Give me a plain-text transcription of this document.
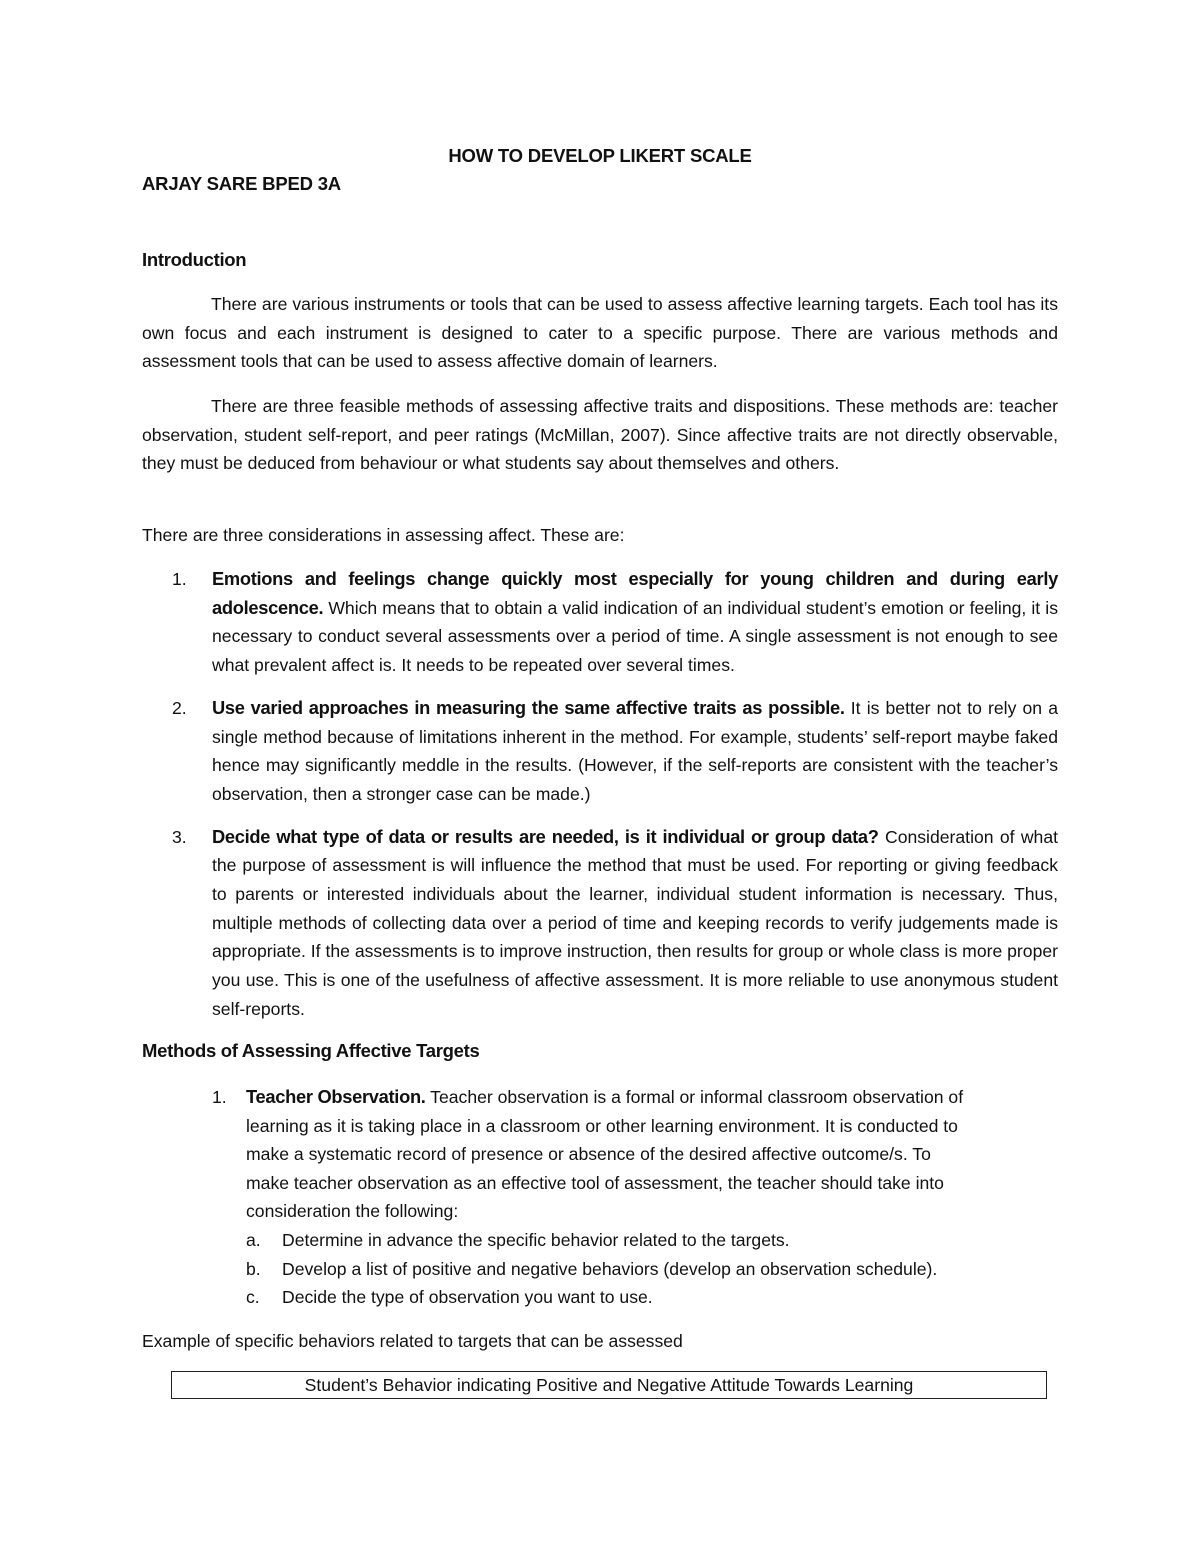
HOW TO DEVELOP LIKERT SCALE
ARJAY SARE BPED 3A
Introduction

There are various instruments or tools that can be used to assess affective learning targets. Each tool has its own focus and each instrument is designed to cater to a specific purpose. There are various methods and assessment tools that can be used to assess affective domain of learners.

There are three feasible methods of assessing affective traits and dispositions. These methods are: teacher observation, student self-report, and peer ratings (McMillan, 2007). Since affective traits are not directly observable, they must be deduced from behaviour or what students say about themselves and others.

There are three considerations in assessing affect. These are:

1. Emotions and feelings change quickly most especially for young children and during early adolescence. Which means that to obtain a valid indication of an individual student’s emotion or feeling, it is necessary to conduct several assessments over a period of time. A single assessment is not enough to see what prevalent affect is. It needs to be repeated over several times.
2. Use varied approaches in measuring the same affective traits as possible. It is better not to rely on a single method because of limitations inherent in the method. For example, students’ self-report maybe faked hence may significantly meddle in the results. (However, if the self-reports are consistent with the teacher’s observation, then a stronger case can be made.)
3. Decide what type of data or results are needed, is it individual or group data? Consideration of what the purpose of assessment is will influence the method that must be used. For reporting or giving feedback to parents or interested individuals about the learner, individual student information is necessary. Thus, multiple methods of collecting data over a period of time and keeping records to verify judgements made is appropriate. If the assessments is to improve instruction, then results for group or whole class is more proper you use. This is one of the usefulness of affective assessment. It is more reliable to use anonymous student self-reports.
Methods of Assessing Affective Targets
1. Teacher Observation. Teacher observation is a formal or informal classroom observation of
learning as it is taking place in a classroom or other learning environment. It is conducted to
make a systematic record of presence or absence of the desired affective outcome/s. To
make teacher observation as an effective tool of assessment, the teacher should take into
consideration the following:
a. Determine in advance the specific behavior related to the targets.
b. Develop a list of positive and negative behaviors (develop an observation schedule).
c. Decide the type of observation you want to use.
Example of specific behaviors related to targets that can be assessed
Student’s Behavior indicating Positive and Negative Attitude Towards Learning
